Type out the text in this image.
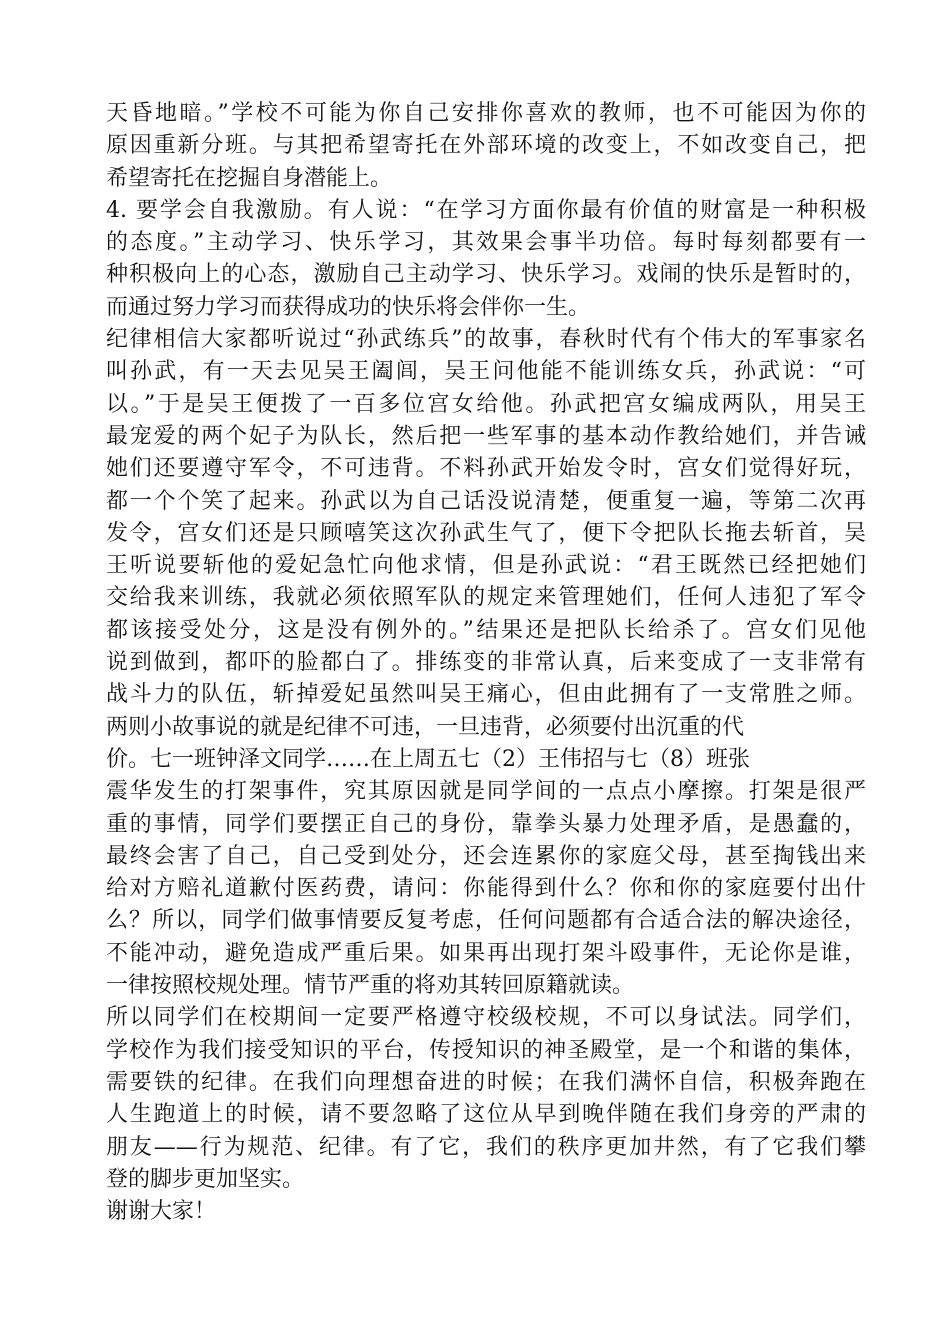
天昏地暗。”学校不可能为你自己安排你喜欢的教师，也不可能因为你的
原因重新分班。与其把希望寄托在外部环境的改变上，不如改变自己，把
希望寄托在挖掘自身潜能上。
4. 要学会自我激励。有人说：“在学习方面你最有价值的财富是一种积极
的态度。”主动学习、快乐学习，其效果会事半功倍。每时每刻都要有一
种积极向上的心态，激励自己主动学习、快乐学习。戏闹的快乐是暂时的，
而通过努力学习而获得成功的快乐将会伴你一生。
纪律相信大家都听说过“孙武练兵”的故事，春秋时代有个伟大的军事家名
叫孙武，有一天去见吴王阖闾，吴王问他能不能训练女兵，孙武说：“可
以。”于是吴王便拨了一百多位宫女给他。孙武把宫女编成两队，用吴王
最宠爱的两个妃子为队长，然后把一些军事的基本动作教给她们，并告诫
她们还要遵守军令，不可违背。不料孙武开始发令时，宫女们觉得好玩，
都一个个笑了起来。孙武以为自己话没说清楚，便重复一遍，等第二次再
发令，宫女们还是只顾嘻笑这次孙武生气了，便下令把队长拖去斩首，吴
王听说要斩他的爱妃急忙向他求情，但是孙武说：“君王既然已经把她们
交给我来训练，我就必须依照军队的规定来管理她们，任何人违犯了军令
都该接受处分，这是没有例外的。”结果还是把队长给杀了。宫女们见他
说到做到，都吓的脸都白了。排练变的非常认真，后来变成了一支非常有
战斗力的队伍，斩掉爱妃虽然叫吴王痛心，但由此拥有了一支常胜之师。
两则小故事说的就是纪律不可违，一旦违背，必须要付出沉重的代
价。七一班钟泽文同学……在上周五七（2）王伟招与七（8）班张
震华发生的打架事件，究其原因就是同学间的一点点小摩擦。打架是很严
重的事情，同学们要摆正自己的身份，靠拳头暴力处理矛盾，是愚蠢的，
最终会害了自己，自己受到处分，还会连累你的家庭父母，甚至掏钱出来
给对方赔礼道歉付医药费，请问：你能得到什么？你和你的家庭要付出什
么？所以，同学们做事情要反复考虑，任何问题都有合适合法的解决途径，
不能冲动，避免造成严重后果。如果再出现打架斗殴事件，无论你是谁，
一律按照校规处理。情节严重的将劝其转回原籍就读。
所以同学们在校期间一定要严格遵守校级校规，不可以身试法。同学们，
学校作为我们接受知识的平台，传授知识的神圣殿堂，是一个和谐的集体，
需要铁的纪律。在我们向理想奋进的时候；在我们满怀自信，积极奔跑在
人生跑道上的时候，请不要忽略了这位从早到晚伴随在我们身旁的严肃的
朋友——行为规范、纪律。有了它，我们的秩序更加井然，有了它我们攀
登的脚步更加坚实。
谢谢大家！
